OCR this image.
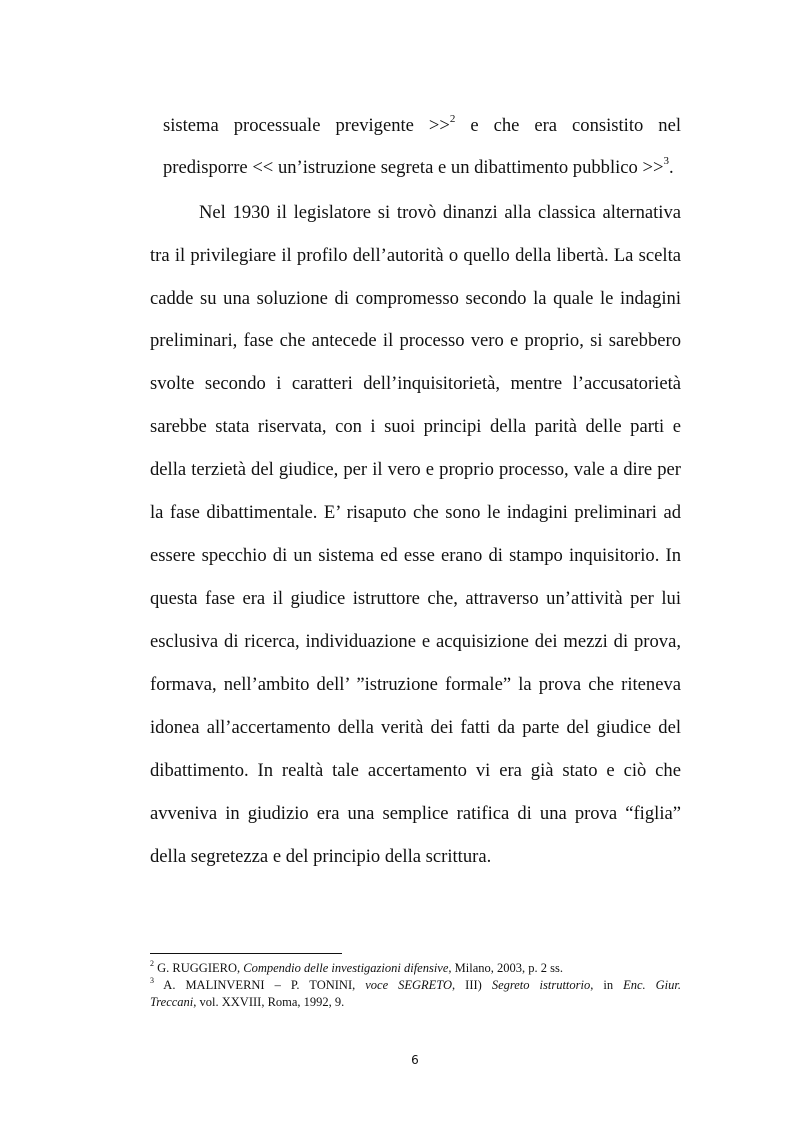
sistema processuale previgente >>$^2$ e che era consistito nel
predisporre << un’istruzione segreta e un dibattimento pubblico >>$^3$.
Nel 1930 il legislatore si trovò dinanzi alla classica alternativa
tra il privilegiare il profilo dell’autorità o quello della libertà. La scelta
cadde su una soluzione di compromesso secondo la quale le indagini
preliminari, fase che antecede il processo vero e proprio, si sarebbero
svolte secondo i caratteri dell’inquisitorietà, mentre l’accusatorietà
sarebbe stata riservata, con i suoi principi della parità delle parti e
della terzietà del giudice, per il vero e proprio processo, vale a dire per
la fase dibattimentale. E’ risaputo che sono le indagini preliminari ad
essere specchio di un sistema ed esse erano di stampo inquisitorio. In
questa fase era il giudice istruttore che, attraverso un’attività per lui
esclusiva di ricerca, individuazione e acquisizione dei mezzi di prova,
formava, nell’ambito dell’ ”istruzione formale” la prova che riteneva
idonea all’accertamento della verità dei fatti da parte del giudice del
dibattimento. In realtà tale accertamento vi era già stato e ciò che
avveniva in giudizio era una semplice ratifica di una prova “figlia”
della segretezza e del principio della scrittura.
$^2$ G. RUGGIERO, Compendio delle investigazioni difensive, Milano, 2003, p. 2 ss.
$^3$ A. MALINVERNI – P. TONINI, voce SEGRETO, III) Segreto istruttorio, in Enc. Giur.
Treccani, vol. XXVIII, Roma, 1992, 9.
6
